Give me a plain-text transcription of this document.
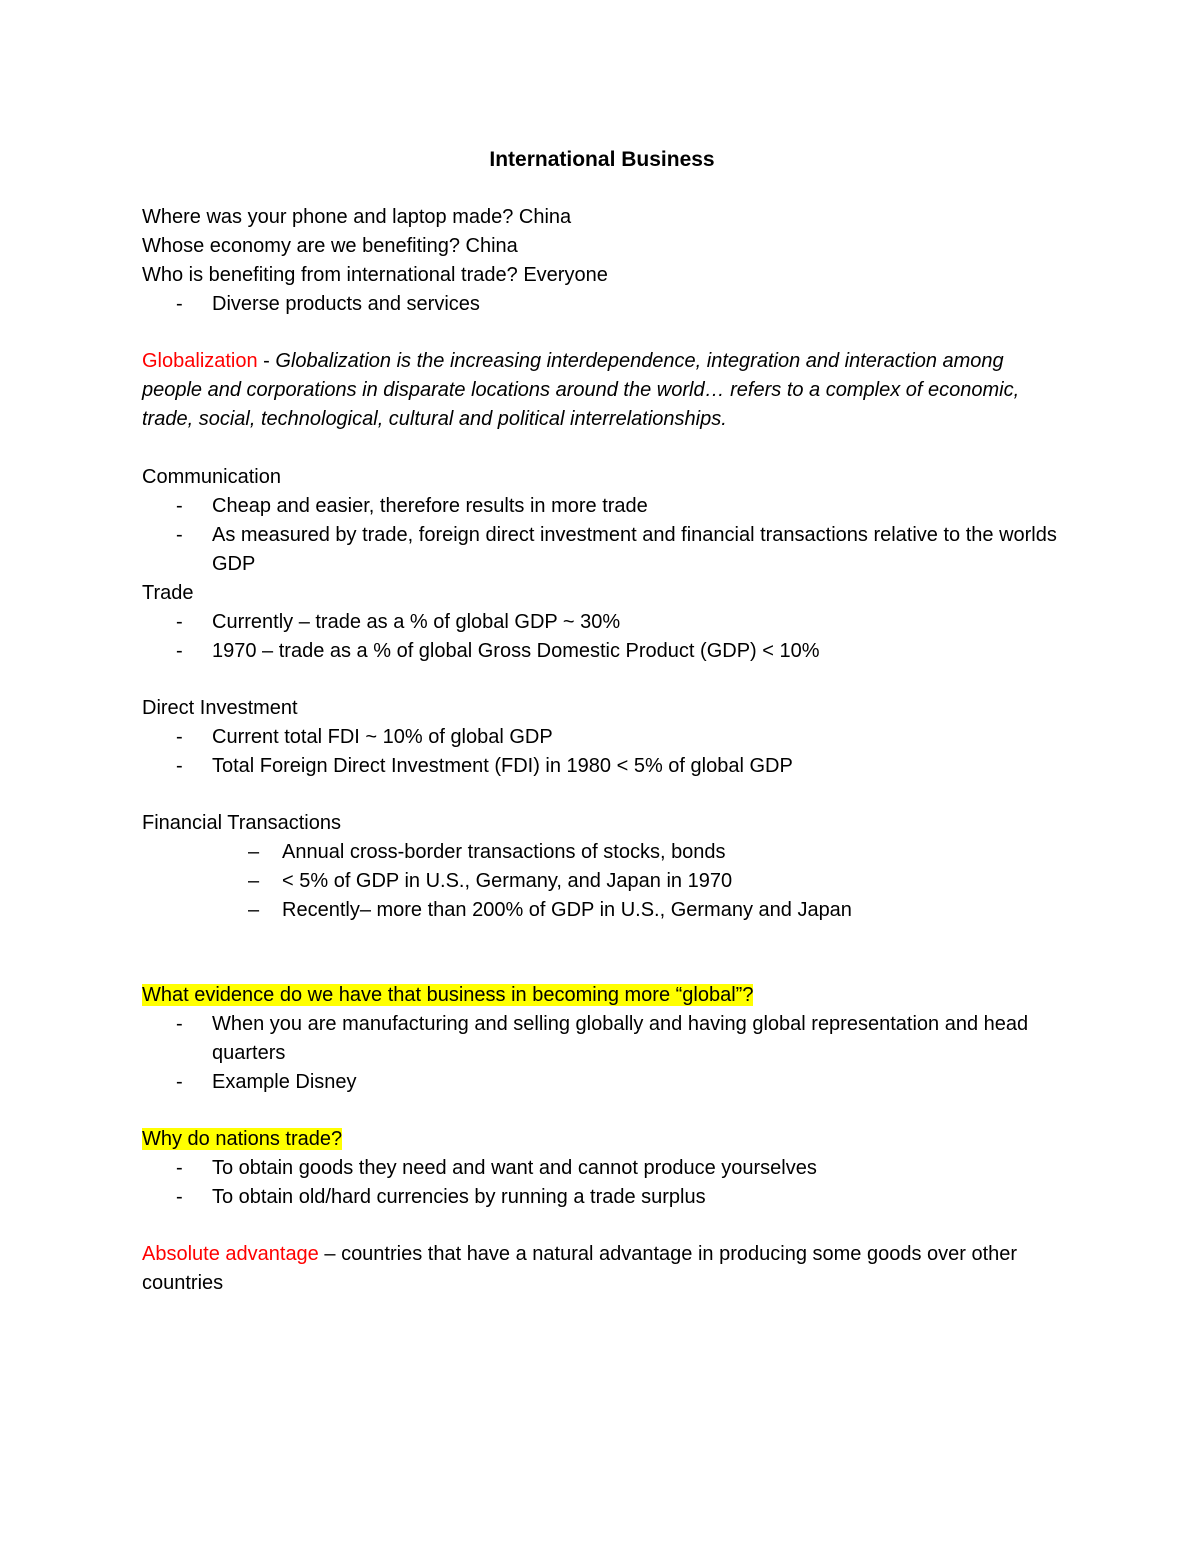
International Business
Where was your phone and laptop made? China
Whose economy are we benefiting? China
Who is benefiting from international trade? Everyone
- Diverse products and services
Globalization - Globalization is the increasing interdependence, integration and interaction among people and corporations in disparate locations around the world… refers to a complex of economic, trade, social, technological, cultural and political interrelationships.
Communication
- Cheap and easier, therefore results in more trade
- As measured by trade, foreign direct investment and financial transactions relative to the worlds GDP
Trade
- Currently – trade as a % of global GDP ~ 30%
- 1970 – trade as a % of global Gross Domestic Product (GDP) < 10%
Direct Investment
- Current total FDI ~ 10% of global GDP
- Total Foreign Direct Investment (FDI) in 1980 < 5% of global GDP
Financial Transactions
– Annual cross-border transactions of stocks, bonds
– < 5% of GDP in U.S., Germany, and Japan in 1970
– Recently– more than 200% of GDP in U.S., Germany and Japan
What evidence do we have that business in becoming more “global”?
- When you are manufacturing and selling globally and having global representation and head quarters
- Example Disney
Why do nations trade?
- To obtain goods they need and want and cannot produce yourselves
- To obtain old/hard currencies by running a trade surplus
Absolute advantage – countries that have a natural advantage in producing some goods over other countries
